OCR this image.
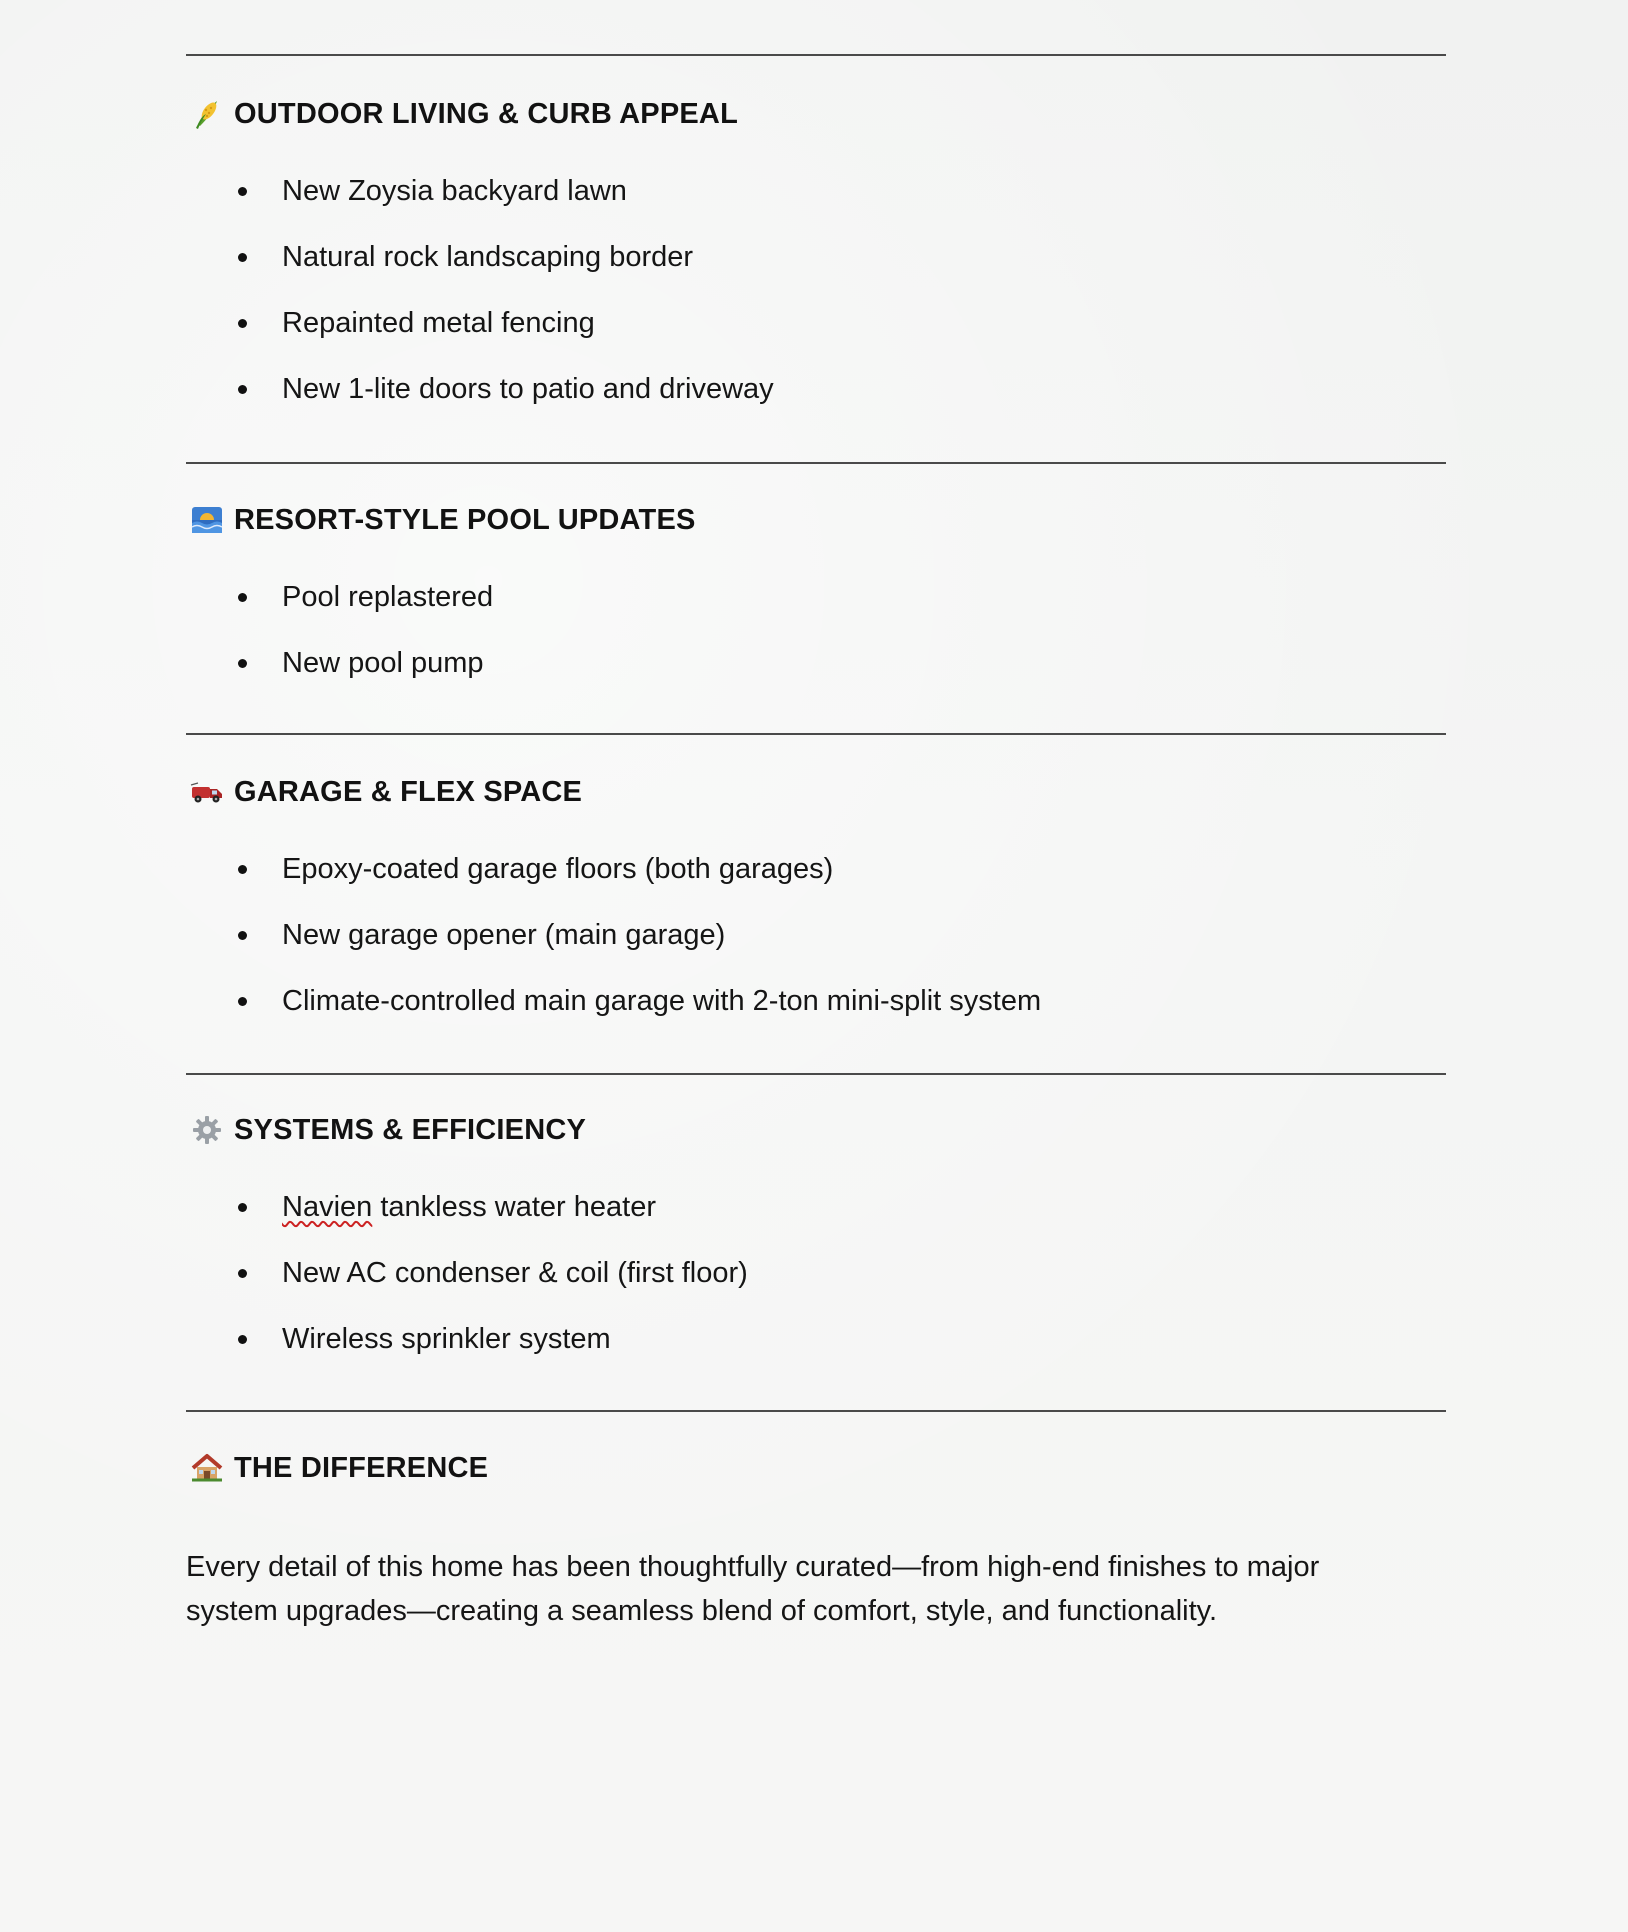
OUTDOOR LIVING & CURB APPEAL
New Zoysia backyard lawn
Natural rock landscaping border
Repainted metal fencing
New 1-lite doors to patio and driveway
RESORT-STYLE POOL UPDATES
Pool replastered
New pool pump
GARAGE & FLEX SPACE
Epoxy-coated garage floors (both garages)
New garage opener (main garage)
Climate-controlled main garage with 2-ton mini-split system
SYSTEMS & EFFICIENCY
Navien tankless water heater
New AC condenser & coil (first floor)
Wireless sprinkler system
THE DIFFERENCE

Every detail of this home has been thoughtfully curated—from high-end finishes to major system upgrades—creating a seamless blend of comfort, style, and functionality.
